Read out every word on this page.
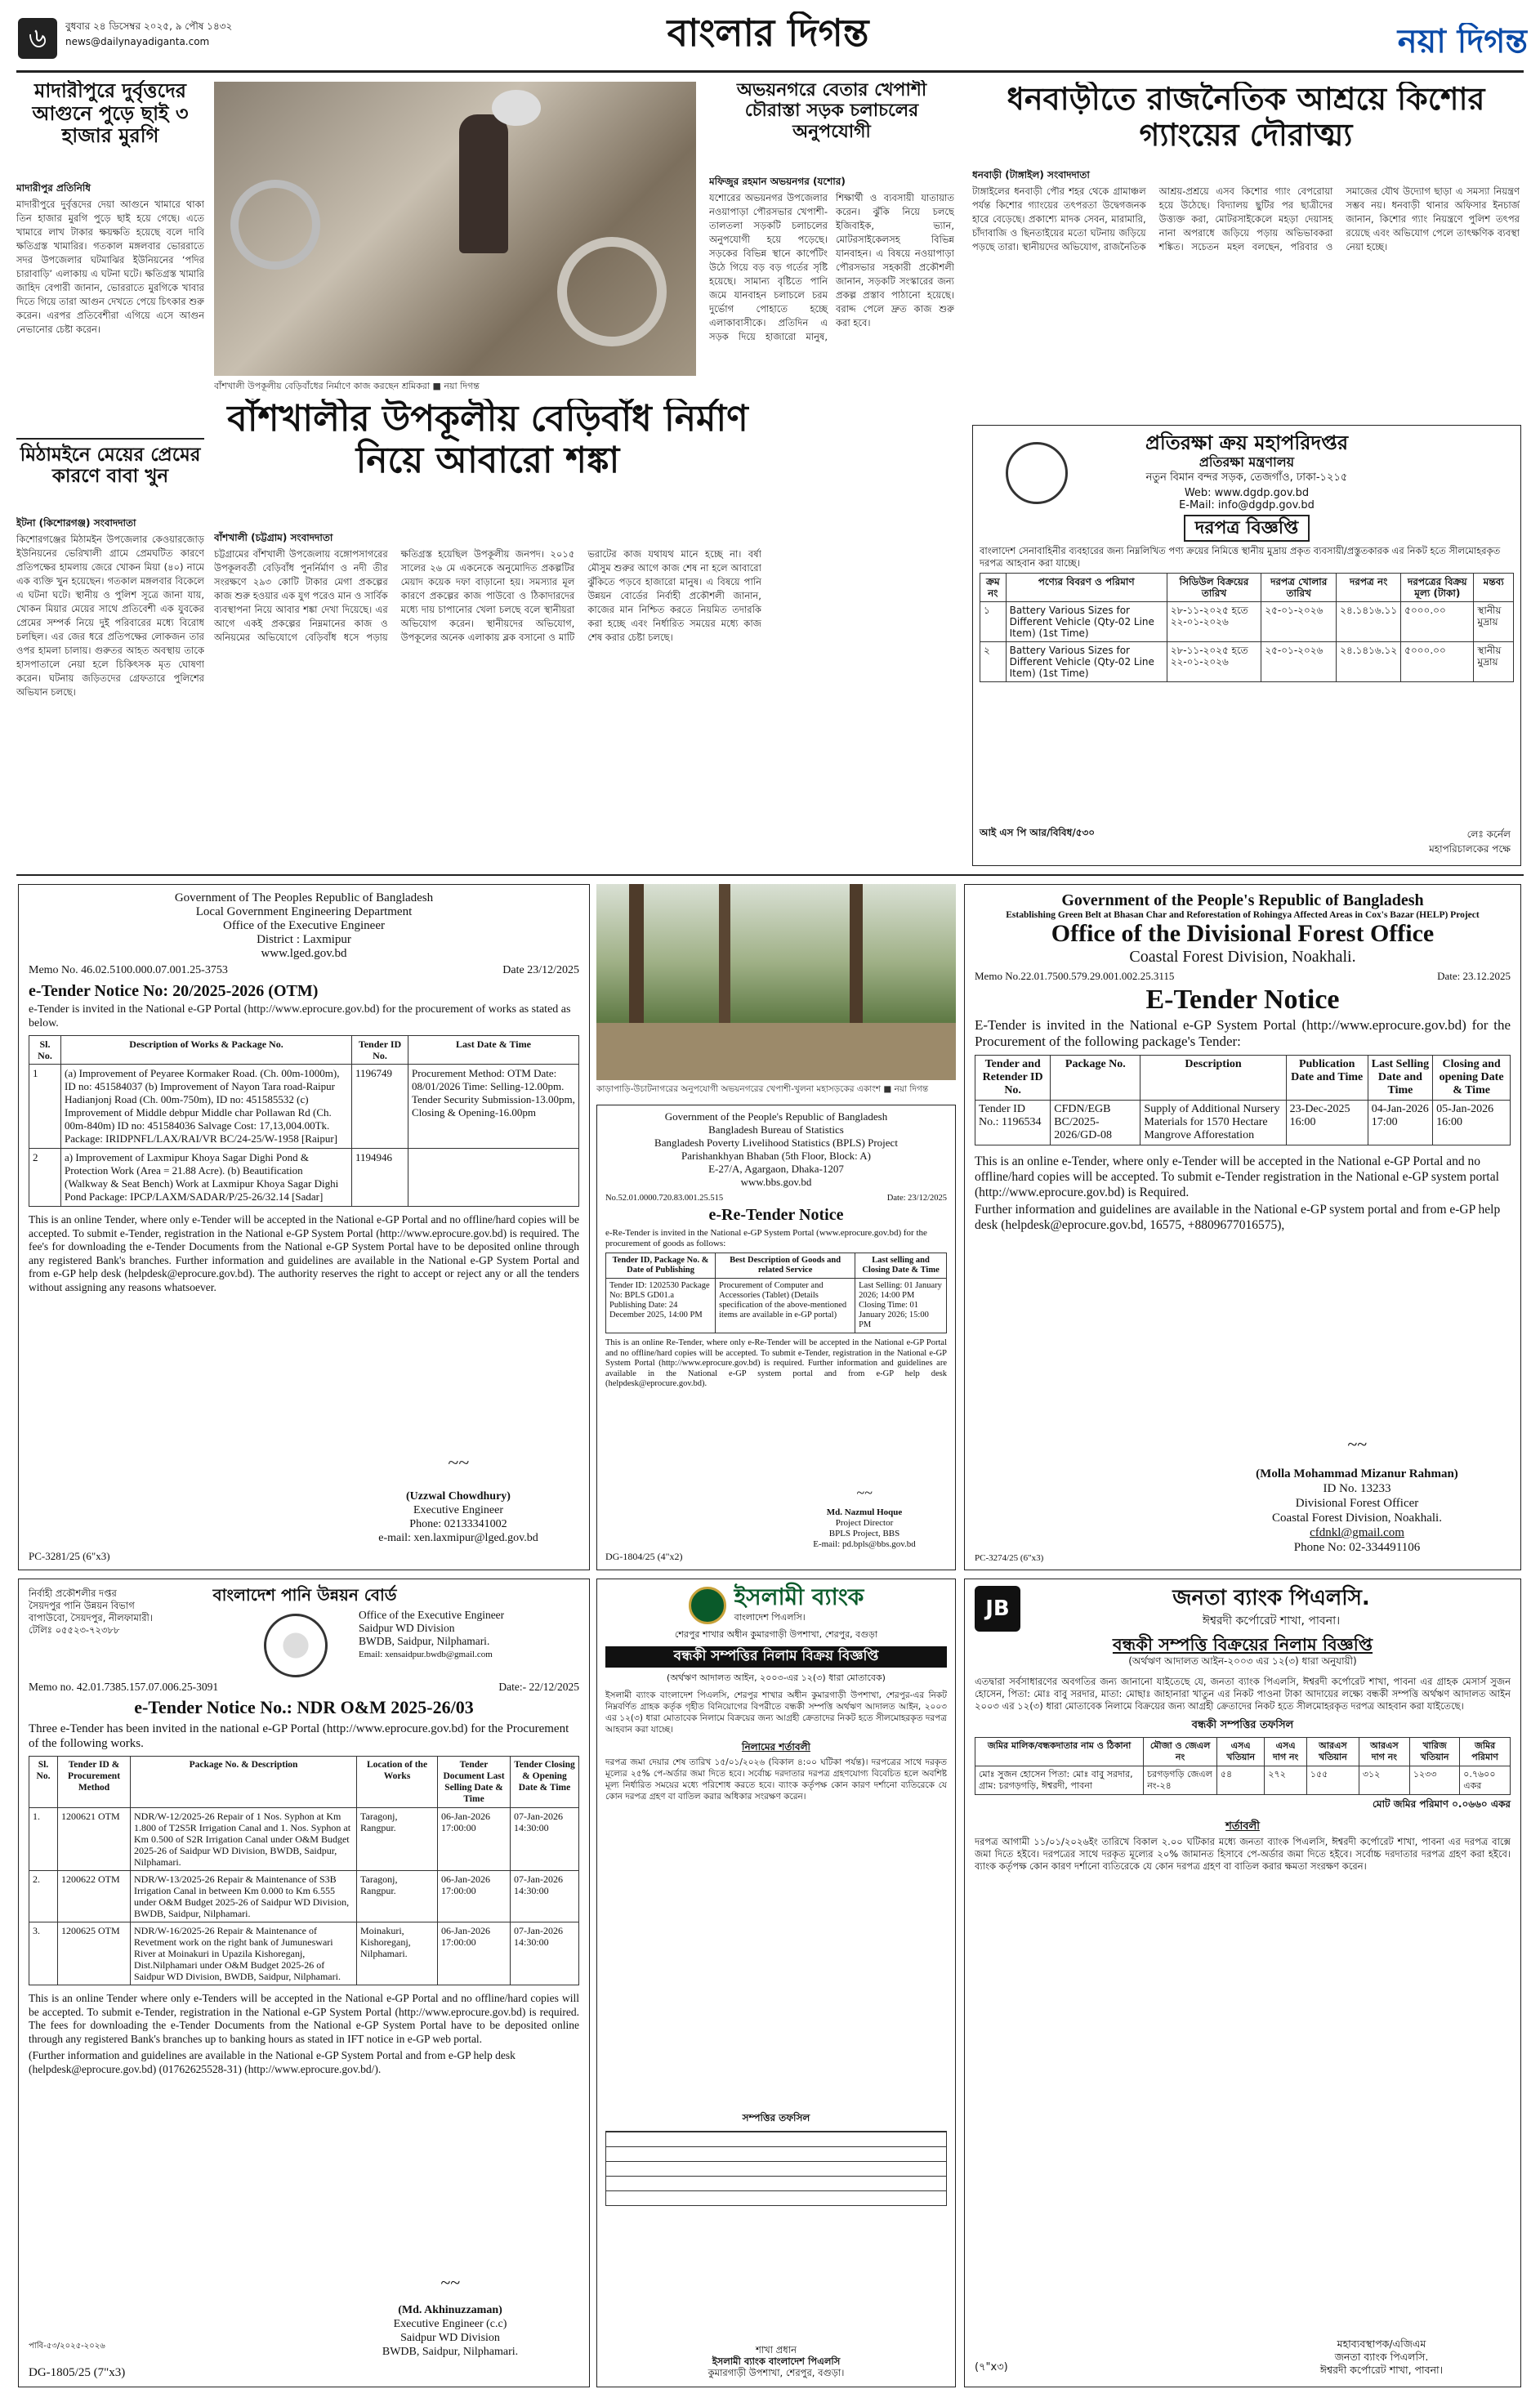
৬	বুধবার ২৪ ডিসেম্বর ২০২৫, ৯ পৌষ ১৪৩২
news@dailynayadiganta.com	বাংলার দিগন্ত	নয়া দিগন্ত
মাদারীপুরে দুর্বৃত্তদের আগুনে পুড়ে ছাই ৩ হাজার মুরগি
মাদারীপুর প্রতিনিধি
মাদারীপুরে দুর্বৃত্তদের দেয়া আগুনে খামারে থাকা তিন হাজার মুরগি পুড়ে ছাই হয়ে গেছে। এতে খামারে লাখ টাকার ক্ষয়ক্ষতি হয়েছে বলে দাবি ক্ষতিগ্রস্ত খামারির। গতকাল মঙ্গলবার ভোররাতে সদর উপজেলার ঘটমাঝির ইউনিয়নের ‘পদির চারাবাড়ি’ এলাকায় এ ঘটনা ঘটে। ক্ষতিগ্রস্ত খামারি জাহিদ বেপারী জানান, ভোররাতে মুরগিকে খাবার দিতে গিয়ে তারা আগুন দেখতে পেয়ে চিৎকার শুরু করেন। এরপর প্রতিবেশীরা এগিয়ে এসে আগুন নেভানোর চেষ্টা করেন।
মিঠামইনে মেয়ের প্রেমের কারণে বাবা খুন
ইটনা (কিশোরগঞ্জ) সংবাদদাতা
কিশোরগঞ্জের মিঠামইন উপজেলার কেওয়ারজোড় ইউনিয়নের ভেরিখালী গ্রামে প্রেমঘটিত কারণে প্রতিপক্ষের হামলায় জেরে খোকন মিয়া (৪০) নামে এক ব্যক্তি খুন হয়েছেন। গতকাল মঙ্গলবার বিকেলে এ ঘটনা ঘটে। স্থানীয় ও পুলিশ সূত্রে জানা যায়, খোকন মিয়ার মেয়ের সাথে প্রতিবেশী এক যুবকের প্রেমের সম্পর্ক নিয়ে দুই পরিবারের মধ্যে বিরোধ চলছিল। এর জের ধরে প্রতিপক্ষের লোকজন তার ওপর হামলা চালায়। গুরুতর আহত অবস্থায় তাকে হাসপাতালে নেয়া হলে চিকিৎসক মৃত ঘোষণা করেন। ঘটনায় জড়িতদের গ্রেফতারে পুলিশের অভিযান চলছে।
বাঁশখালী উপকূলীয় বেড়িবাঁধের নির্মাণে কাজ করছেন শ্রমিকরা ■ নয়া দিগন্ত
বাঁশখালীর উপকূলীয় বেড়িবাঁধ নির্মাণ নিয়ে আবারো শঙ্কা
বাঁশখালী (চট্টগ্রাম) সংবাদদাতা
চট্টগ্রামের বাঁশখালী উপজেলায় বঙ্গোপসাগরের উপকূলবর্তী বেড়িবাঁধ পুনর্নির্মাণ ও নদী তীর সংরক্ষণে ২৯৩ কোটি টাকার মেগা প্রকল্পের কাজ শুরু হওয়ার এক যুগ পরেও মান ও সার্বিক ব্যবস্থাপনা নিয়ে আবার শঙ্কা দেখা দিয়েছে। এর আগে একই প্রকল্পের নিম্নমানের কাজ ও অনিয়মের অভিযোগে বেড়িবাঁধ ধসে পড়ায় ক্ষতিগ্রস্ত হয়েছিল উপকূলীয় জনপদ। ২০১৫ সালের ২৬ মে একনেকে অনুমোদিত প্রকল্পটির মেয়াদ কয়েক দফা বাড়ানো হয়। সমস্যার মূল কারণে প্রকল্পের কাজ পাউবো ও ঠিকাদারদের মধ্যে দায় চাপানোর খেলা চলছে বলে স্থানীয়রা অভিযোগ করেন। স্থানীয়দের অভিযোগ, উপকূলের অনেক এলাকায় ব্লক বসানো ও মাটি ভরাটের কাজ যথাযথ মানে হচ্ছে না। বর্ষা মৌসুম শুরুর আগে কাজ শেষ না হলে আবারো ঝুঁকিতে পড়বে হাজারো মানুষ। এ বিষয়ে পানি উন্নয়ন বোর্ডের নির্বাহী প্রকৌশলী জানান, কাজের মান নিশ্চিত করতে নিয়মিত তদারকি করা হচ্ছে এবং নির্ধারিত সময়ের মধ্যে কাজ শেষ করার চেষ্টা চলছে।
অভয়নগরে বেতার খেপাশী চৌরাস্তা সড়ক চলাচলের অনুপযোগী
মফিজুর রহমান অভয়নগর (যশোর)
যশোরের অভয়নগর উপজেলার নওয়াপাড়া পৌরসভার খেপাশী-তালতলা সড়কটি চলাচলের অনুপযোগী হয়ে পড়েছে। সড়কের বিভিন্ন স্থানে কার্পেটিং উঠে গিয়ে বড় বড় গর্তের সৃষ্টি হয়েছে। সামান্য বৃষ্টিতে পানি জমে যানবাহন চলাচলে চরম দুর্ভোগ পোহাতে হচ্ছে এলাকাবাসীকে। প্রতিদিন এ সড়ক দিয়ে হাজারো মানুষ, শিক্ষার্থী ও ব্যবসায়ী যাতায়াত করেন। ঝুঁকি নিয়ে চলছে ইজিবাইক, ভ্যান, মোটরসাইকেলসহ বিভিন্ন যানবাহন। এ বিষয়ে নওয়াপাড়া পৌরসভার সহকারী প্রকৌশলী জানান, সড়কটি সংস্কারের জন্য প্রকল্প প্রস্তাব পাঠানো হয়েছে। বরাদ্দ পেলে দ্রুত কাজ শুরু করা হবে।
ধনবাড়ীতে রাজনৈতিক আশ্রয়ে কিশোর গ্যাংয়ের দৌরাত্ম্য
ধনবাড়ী (টাঙ্গাইল) সংবাদদাতা
টাঙ্গাইলের ধনবাড়ী পৌর শহর থেকে গ্রামাঞ্চল পর্যন্ত কিশোর গ্যাংয়ের তৎপরতা উদ্বেগজনক হারে বেড়েছে। প্রকাশ্যে মাদক সেবন, মারামারি, চাঁদাবাজি ও ছিনতাইয়ের মতো ঘটনায় জড়িয়ে পড়ছে তারা। স্থানীয়দের অভিযোগ, রাজনৈতিক আশ্রয়-প্রশ্রয়ে এসব কিশোর গ্যাং বেপরোয়া হয়ে উঠেছে। বিদ্যালয় ছুটির পর ছাত্রীদের উত্ত্যক্ত করা, মোটরসাইকেলে মহড়া দেয়াসহ নানা অপরাধে জড়িয়ে পড়ায় অভিভাবকরা শঙ্কিত। সচেতন মহল বলছেন, পরিবার ও সমাজের যৌথ উদ্যোগ ছাড়া এ সমস্যা নিয়ন্ত্রণ সম্ভব নয়। ধনবাড়ী থানার অফিসার ইনচার্জ জানান, কিশোর গ্যাং নিয়ন্ত্রণে পুলিশ তৎপর রয়েছে এবং অভিযোগ পেলে তাৎক্ষণিক ব্যবস্থা নেয়া হচ্ছে।
প্রতিরক্ষা ক্রয় মহাপরিদপ্তর
প্রতিরক্ষা মন্ত্রণালয়
নতুন বিমান বন্দর সড়ক, তেজগাঁও, ঢাকা-১২১৫
Web: www.dgdp.gov.bd
E-Mail: info@dgdp.gov.bd
দরপত্র বিজ্ঞপ্তি
বাংলাদেশ সেনাবাহিনীর ব্যবহারের জন্য নিম্নলিখিত পণ্য ক্রয়ের নিমিত্তে স্থানীয় মুদ্রায় প্রকৃত ব্যবসায়ী/প্রস্তুতকারক এর নিকট হতে সীলমোহরকৃত দরপত্র আহবান করা যাচ্ছে।
ক্রম নং	পণ্যের বিবরণ ও পরিমাণ	সিডিউল বিক্রয়ের তারিখ	দরপত্র খোলার তারিখ	দরপত্র নং	দরপত্রের বিক্রয় মূল্য (টাকা)	মন্তব্য
১	Battery Various Sizes for Different Vehicle (Qty-02 Line Item) (1st Time)	২৮-১১-২০২৫ হতে ২২-০১-২০২৬	২৫-০১-২০২৬	২৪.১৪১৬.১১	৫০০০.০০	স্থানীয় মুদ্রায়
২	Battery Various Sizes for Different Vehicle (Qty-02 Line Item) (1st Time)	২৮-১১-২০২৫ হতে ২২-০১-২০২৬	২৫-০১-২০২৬	২৪.১৪১৬.১২	৫০০০.০০	স্থানীয় মুদ্রায়
আই এস পি আর/বিবিধ/৫৩০	লেঃ কর্নেল
মহাপরিচালকের পক্ষে
Government of The Peoples Republic of Bangladesh
Local Government Engineering Department
Office of the Executive Engineer
District : Laxmipur
www.lged.gov.bd
Memo No. 46.02.5100.000.07.001.25-3753	Date 23/12/2025
e-Tender Notice No: 20/2025-2026 (OTM)
e-Tender is invited in the National e-GP Portal (http://www.eprocure.gov.bd) for the procurement of works as stated as below.
Sl. No.	Description of Works & Package No.	Tender ID No.	Last Date & Time
1	(a) Improvement of Peyaree Kormaker Road. (Ch. 00m-1000m), ID no: 451584037 (b) Improvement of Nayon Tara road-Raipur Hadianjonj Road (Ch. 00m-750m), ID no: 451585532 (c) Improvement of Middle debpur Middle char Pollawan Rd (Ch. 00m-840m) ID no: 451584036 Salvage Cost: 17,13,004.00Tk. Package: IRIDPNFL/LAX/RAI/VR BC/24-25/W-1958 [Raipur]	1196749	Procurement Method: OTM Date: 08/01/2026 Time: Selling-12.00pm. Tender Security Submission-13.00pm, Closing & Opening-16.00pm
2	a) Improvement of Laxmipur Khoya Sagar Dighi Pond & Protection Work (Area = 21.88 Acre). (b) Beautification (Walkway & Seat Bench) Work at Laxmipur Khoya Sagar Dighi Pond Package: IPCP/LAXM/SADAR/P/25-26/32.14 [Sadar]	1194946	
This is an online Tender, where only e-Tender will be accepted in the National e-GP Portal and no offline/hard copies will be accepted. To submit e-Tender, registration in the National e-GP System Portal (http://www.eprocure.gov.bd) is required. The fee's for downloading the e-Tender Documents from the National e-GP System Portal have to be deposited online through any registered Bank's branches. Further information and guidelines are available in the National e-GP System Portal and from e-GP help desk (helpdesk@eprocure.gov.bd). The authority reserves the right to accept or reject any or all the tenders without assigning any reasons whatsoever.
~~
(Uzzwal Chowdhury)
Executive Engineer
Phone: 02133341002
e-mail: xen.laxmipur@lged.gov.bd
PC-3281/25 (6"x3)
কাড়াপাড়ি-উচাটনাগরের অনুপযোগী অভয়নগরের খেপাশী-খুলনা মহাসড়কের একাংশ ■ নয়া দিগন্ত
Government of the People's Republic of Bangladesh
Bangladesh Bureau of Statistics
Bangladesh Poverty Livelihood Statistics (BPLS) Project
Parishankhyan Bhaban (5th Floor, Block: A)
E-27/A, Agargaon, Dhaka-1207
www.bbs.gov.bd
No.52.01.0000.720.83.001.25.515	Date: 23/12/2025
e-Re-Tender Notice
e-Re-Tender is invited in the National e-GP System Portal (www.eprocure.gov.bd) for the procurement of goods as follows:
Tender ID, Package No. & Date of Publishing	Best Description of Goods and related Service	Last selling and Closing Date & Time
Tender ID: 1202530 Package No: BPLS GD01.a Publishing Date: 24 December 2025, 14:00 PM	Procurement of Computer and Accessories (Tablet) (Details specification of the above-mentioned items are available in e-GP portal)	Last Selling: 01 January 2026; 14:00 PM Closing Time: 01 January 2026; 15:00 PM
This is an online Re-Tender, where only e-Re-Tender will be accepted in the National e-GP Portal and no offline/hard copies will be accepted. To submit e-Tender, registration in the National e-GP System Portal (http://www.eprocure.gov.bd) is required. Further information and guidelines are available in the National e-GP system portal and from e-GP help desk (helpdesk@eprocure.gov.bd).
~~
Md. Nazmul Hoque
Project Director
BPLS Project, BBS
E-mail: pd.bpls@bbs.gov.bd
DG-1804/25 (4"x2)
Government of the People's Republic of Bangladesh
Establishing Green Belt at Bhasan Char and Reforestation of Rohingya Affected Areas in Cox's Bazar (HELP) Project
Office of the Divisional Forest Office
Coastal Forest Division, Noakhali.
Memo No.22.01.7500.579.29.001.002.25.3115	Date: 23.12.2025
E-Tender Notice
E-Tender is invited in the National e-GP System Portal (http://www.eprocure.gov.bd) for the Procurement of the following package's Tender:
Tender and Retender ID No.	Package No.	Description	Publication Date and Time	Last Selling Date and Time	Closing and opening Date & Time
Tender ID No.: 1196534	CFDN/EGB BC/2025-2026/GD-08	Supply of Additional Nursery Materials for 1570 Hectare Mangrove Afforestation	23-Dec-2025 16:00	04-Jan-2026 17:00	05-Jan-2026 16:00
This is an online e-Tender, where only e-Tender will be accepted in the National e-GP Portal and no offline/hard copies will be accepted. To submit e-Tender registration in the National e-GP system portal (http://www.eprocure.gov.bd) is Required.
Further information and guidelines are available in the National e-GP system portal and from e-GP help desk (helpdesk@eprocure.gov.bd, 16575, +8809677016575),
~~
(Molla Mohammad Mizanur Rahman)
ID No. 13233
Divisional Forest Officer
Coastal Forest Division, Noakhali.
cfdnkl@gmail.com
Phone No: 02-334491106
PC-3274/25 (6"x3)
নির্বাহী প্রকৌশলীর দপ্তর
সৈয়দপুর পানি উন্নয়ন বিভাগ
বাপাউবো, সৈয়দপুর, নীলফামারী।
টেলিঃ ০৫৫২৩-৭২৩৮৮
বাংলাদেশ পানি উন্নয়ন বোর্ড
Office of the Executive Engineer
Saidpur WD Division
BWDB, Saidpur, Nilphamari.
Email: xensaidpur.bwdb@gmail.com
Memo no. 42.01.7385.157.07.006.25-3091	Date:- 22/12/2025
e-Tender Notice No.: NDR O&M 2025-26/03
Three e-Tender has been invited in the national e-GP Portal (http://www.eprocure.gov.bd) for the Procurement of the following works.
Sl. No.	Tender ID & Procurement Method	Package No. & Description	Location of the Works	Tender Document Last Selling Date & Time	Tender Closing & Opening Date & Time
1.	1200621 OTM	NDR/W-12/2025-26 Repair of 1 Nos. Syphon at Km 1.800 of T2S5R Irrigation Canal and 1. Nos. Syphon at Km 0.500 of S2R Irrigation Canal under O&M Budget 2025-26 of Saidpur WD Division, BWDB, Saidpur, Nilphamari.	Taragonj, Rangpur.	06-Jan-2026 17:00:00	07-Jan-2026 14:30:00
2.	1200622 OTM	NDR/W-13/2025-26 Repair & Maintenance of S3B Irrigation Canal in between Km 0.000 to Km 6.555 under O&M Budget 2025-26 of Saidpur WD Division, BWDB, Saidpur, Nilphamari.	Taragonj, Rangpur.	06-Jan-2026 17:00:00	07-Jan-2026 14:30:00
3.	1200625 OTM	NDR/W-16/2025-26 Repair & Maintenance of Revetment work on the right bank of Jumuneswari River at Moinakuri in Upazila Kishoreganj, Dist.Nilphamari under O&M Budget 2025-26 of Saidpur WD Division, BWDB, Saidpur, Nilphamari.	Moinakuri, Kishoreganj, Nilphamari.	06-Jan-2026 17:00:00	07-Jan-2026 14:30:00
This is an online Tender where only e-Tenders will be accepted in the National e-GP Portal and no offline/hard copies will be accepted. To submit e-Tender, registration in the National e-GP System Portal (http://www.eprocure.gov.bd) is required. The fees for downloading the e-Tender Documents from the National e-GP System Portal have to be deposited online through any registered Bank's branches up to banking hours as stated in IFT notice in e-GP web portal.
(Further information and guidelines are available in the National e-GP System Portal and from e-GP help desk (helpdesk@eprocure.gov.bd) (01762625528-31) (http://www.eprocure.gov.bd/).
~~
(Md. Akhinuzzaman)
Executive Engineer (c.c)
Saidpur WD Division
BWDB, Saidpur, Nilphamari.
পাবি-৫৩/২০২৫-২০২৬
DG-1805/25 (7"x3)
ইসলামী ব্যাংক
বাংলাদেশ পিএলসি।
শেরপুর শাখার অধীন কুমারগাড়ী উপশাখা, শেরপুর, বগুড়া
বন্ধকী সম্পত্তির নিলাম বিক্রয় বিজ্ঞপ্তি
(অর্থঋণ আদালত আইন, ২০০৩-এর ১২(৩) ধারা মোতাবেক)
ইসলামী ব্যাংক বাংলাদেশ পিএলসি, শেরপুর শাখার অধীন কুমারগাড়ী উপশাখা, শেরপুর-এর নিকট নিম্নবর্ণিত গ্রাহক কর্তৃক গৃহীত বিনিয়োগের বিপরীতে বন্ধকী সম্পত্তি অর্থঋণ আদালত আইন, ২০০৩ এর ১২(৩) ধারা মোতাবেক নিলামে বিক্রয়ের জন্য আগ্রহী ক্রেতাদের নিকট হতে সীলমোহরকৃত দরপত্র আহবান করা যাচ্ছে।
নিলামের শর্তাবলী
দরপত্র জমা দেয়ার শেষ তারিখ ১৫/০১/২০২৬ (বিকাল ৪:০০ ঘটিকা পর্যন্ত)। দরপত্রের সাথে দরকৃত মূল্যের ২৫% পে-অর্ডার জমা দিতে হবে। সর্বোচ্চ দরদাতার দরপত্র গ্রহণযোগ্য বিবেচিত হলে অবশিষ্ট মূল্য নির্ধারিত সময়ের মধ্যে পরিশোধ করতে হবে। ব্যাংক কর্তৃপক্ষ কোন কারণ দর্শানো ব্যতিরেকে যে কোন দরপত্র গ্রহণ বা বাতিল করার অধিকার সংরক্ষণ করেন।
সম্পত্তির তফসিল
শাখা প্রধান
ইসলামী ব্যাংক বাংলাদেশ পিএলসি
কুমারগাড়ী উপশাখা, শেরপুর, বগুড়া।
JB	জনতা ব্যাংক পিএলসি.
ঈশ্বরদী কর্পোরেট শাখা, পাবনা।
বন্ধকী সম্পত্তি বিক্রয়ের নিলাম বিজ্ঞপ্তি
(অর্থঋণ আদালত আইন-২০০৩ এর ১২(৩) ধারা অনুযায়ী)
এতদ্বারা সর্বসাধারণের অবগতির জন্য জানানো যাইতেছে যে, জনতা ব্যাংক পিএলসি, ঈশ্বরদী কর্পোরেট শাখা, পাবনা এর গ্রাহক মেসার্স সুজন হোসেন, পিতা: মোঃ বাবু সরদার, মাতা: মোছাঃ জাহানারা খাতুন এর নিকট পাওনা টাকা আদায়ের লক্ষ্যে বন্ধকী সম্পত্তি অর্থঋণ আদালত আইন ২০০৩ এর ১২(৩) ধারা মোতাবেক নিলামে বিক্রয়ের জন্য আগ্রহী ক্রেতাদের নিকট হতে সীলমোহরকৃত দরপত্র আহবান করা যাইতেছে।
বন্ধকী সম্পত্তির তফসিল
জমির মালিক/বন্ধকদাতার নাম ও ঠিকানা	মৌজা ও জেএল নং	এসএ খতিয়ান	এসএ দাগ নং	আরএস খতিয়ান	আরএস দাগ নং	খারিজ খতিয়ান	জমির পরিমাণ
মোঃ সুজন হোসেন পিতা: মোঃ বাবু সরদার, গ্রাম: চরগড়গড়ি, ঈশ্বরদী, পাবনা	চরগড়গড়ি জেএল নং-২৪	৫৪	২৭২	১৫৫	৩১২	১২৩৩	০.৭৬০০ একর
মোট জমির পরিমাণ ০.০৬৬০ একর
শর্তাবলী
দরপত্র আগামী ১১/০১/২০২৬ইং তারিখে বিকাল ২.০০ ঘটিকার মধ্যে জনতা ব্যাংক পিএলসি, ঈশ্বরদী কর্পোরেট শাখা, পাবনা এর দরপত্র বাক্সে জমা দিতে হইবে। দরপত্রের সাথে দরকৃত মূল্যের ২০% জামানত হিসাবে পে-অর্ডার জমা দিতে হইবে। সর্বোচ্চ দরদাতার দরপত্র গ্রহণ করা হইবে। ব্যাংক কর্তৃপক্ষ কোন কারণ দর্শানো ব্যতিরেকে যে কোন দরপত্র গ্রহণ বা বাতিল করার ক্ষমতা সংরক্ষণ করেন।
মহাব্যবস্থাপক/এজিএম
জনতা ব্যাংক পিএলসি.
ঈশ্বরদী কর্পোরেট শাখা, পাবনা।
(৭"x৩)
